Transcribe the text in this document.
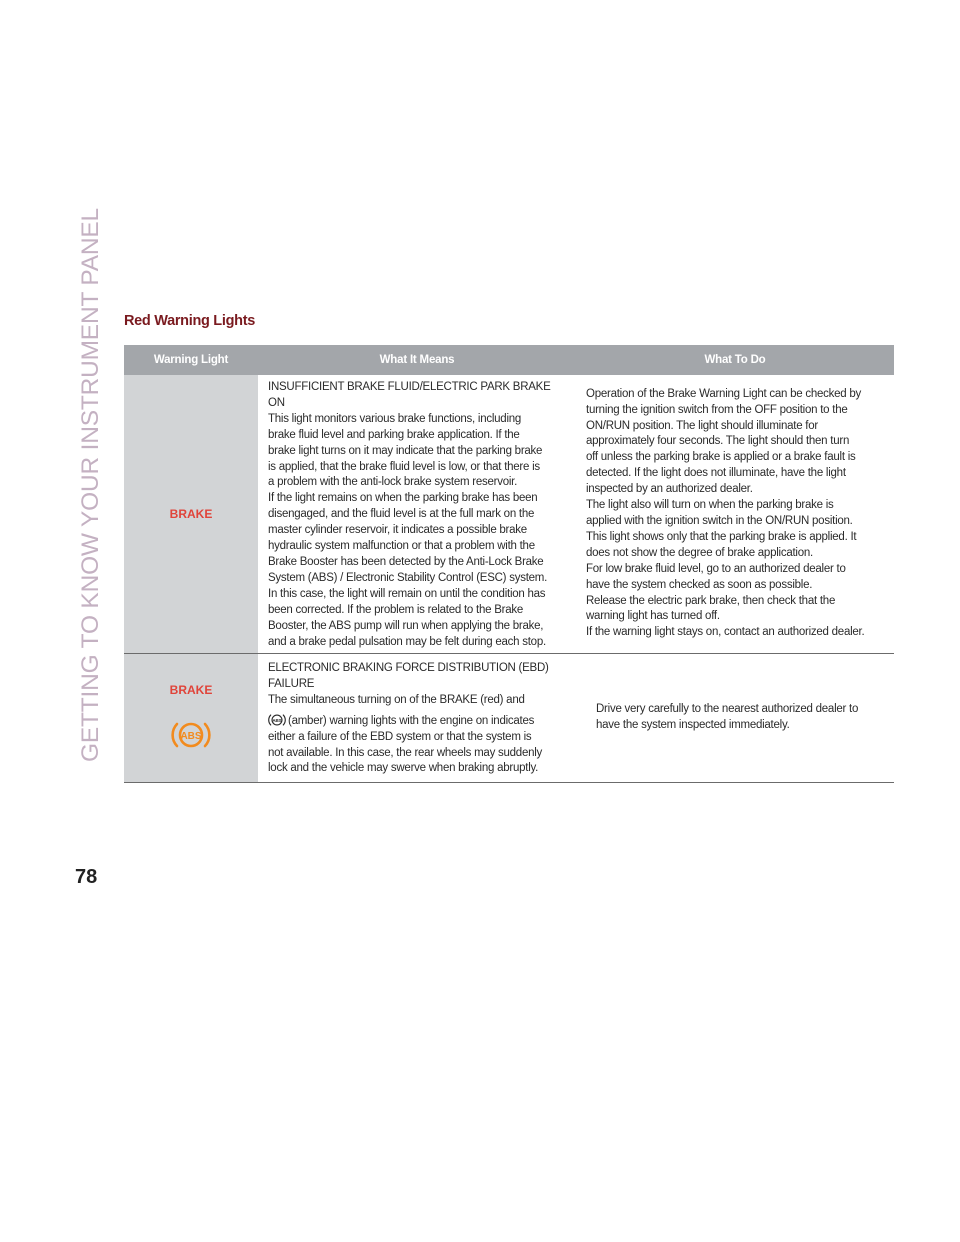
GETTING TO KNOW YOUR INSTRUMENT PANEL Red Warning Lights
Warning Light	What It Means	What To Do
BRAKE
INSUFFICIENT BRAKE FLUID/ELECTRIC PARK BRAKE
ON
This light monitors various brake functions, including
brake fluid level and parking brake application. If the
brake light turns on it may indicate that the parking brake
is applied, that the brake fluid level is low, or that there is
a problem with the anti-lock brake system reservoir.
If the light remains on when the parking brake has been
disengaged, and the fluid level is at the full mark on the
master cylinder reservoir, it indicates a possible brake
hydraulic system malfunction or that a problem with the
Brake Booster has been detected by the Anti-Lock Brake
System (ABS) / Electronic Stability Control (ESC) system.
In this case, the light will remain on until the condition has
been corrected. If the problem is related to the Brake
Booster, the ABS pump will run when applying the brake,
and a brake pedal pulsation may be felt during each stop.
Operation of the Brake Warning Light can be checked by
turning the ignition switch from the OFF position to the
ON/RUN position. The light should illuminate for
approximately four seconds. The light should then turn
off unless the parking brake is applied or a brake fault is
detected. If the light does not illuminate, have the light
inspected by an authorized dealer.
The light also will turn on when the parking brake is
applied with the ignition switch in the ON/RUN position.
This light shows only that the parking brake is applied. It
does not show the degree of brake application.
For low brake fluid level, go to an authorized dealer to
have the system checked as soon as possible.
Release the electric park brake, then check that the
warning light has turned off.
If the warning light stays on, contact an authorized dealer.
BRAKE
ABS
ELECTRONIC BRAKING FORCE DISTRIBUTION (EBD)
FAILURE
The simultaneous turning on of the BRAKE (red) and
ABS (amber) warning lights with the engine on indicates
either a failure of the EBD system or that the system is
not available. In this case, the rear wheels may suddenly
lock and the vehicle may swerve when braking abruptly.
Drive very carefully to the nearest authorized dealer to
have the system inspected immediately.
78
